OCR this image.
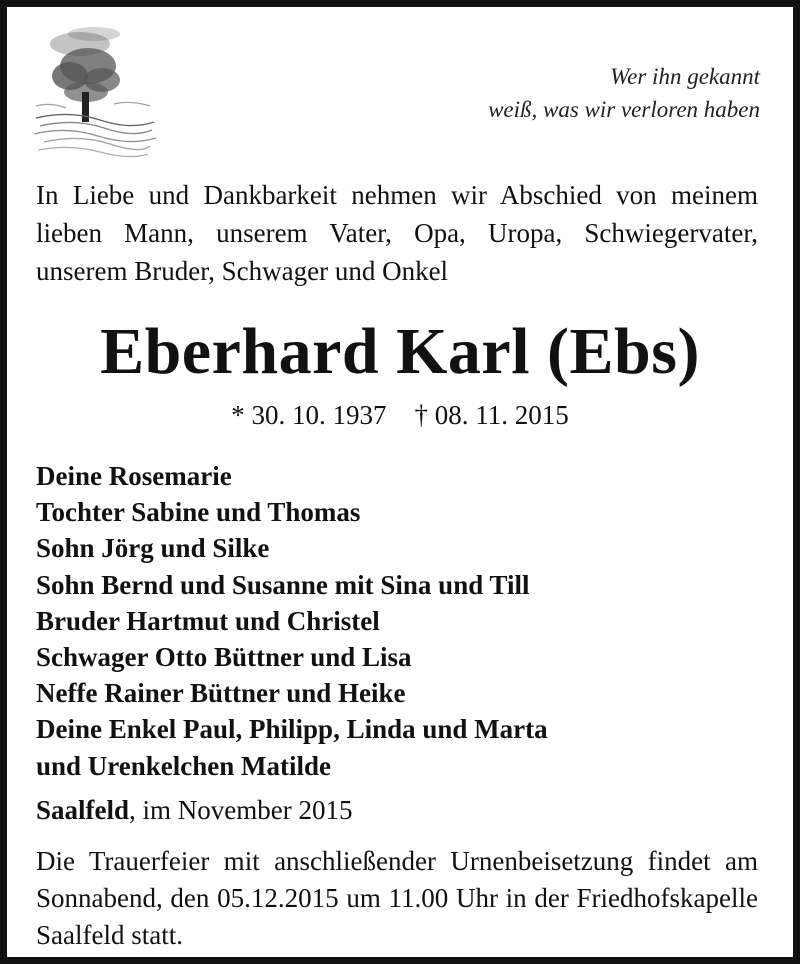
Wer ihn gekannt
weiß, was wir verloren haben
In Liebe und Dankbarkeit nehmen wir Abschied von meinem lieben Mann, unserem Vater, Opa, Uropa, Schwiegervater, unserem Bruder, Schwager und Onkel
Eberhard Karl (Ebs)
* 30. 10. 1937 † 08. 11. 2015
Deine Rosemarie
Tochter Sabine und Thomas
Sohn Jörg und Silke
Sohn Bernd und Susanne mit Sina und Till
Bruder Hartmut und Christel
Schwager Otto Büttner und Lisa
Neffe Rainer Büttner und Heike
Deine Enkel Paul, Philipp, Linda und Marta
und Urenkelchen Matilde
Saalfeld, im November 2015
Die Trauerfeier mit anschließender Urnenbeisetzung findet am Sonnabend, den 05.12.2015 um 11.00 Uhr in der Friedhofskapelle Saalfeld statt.
